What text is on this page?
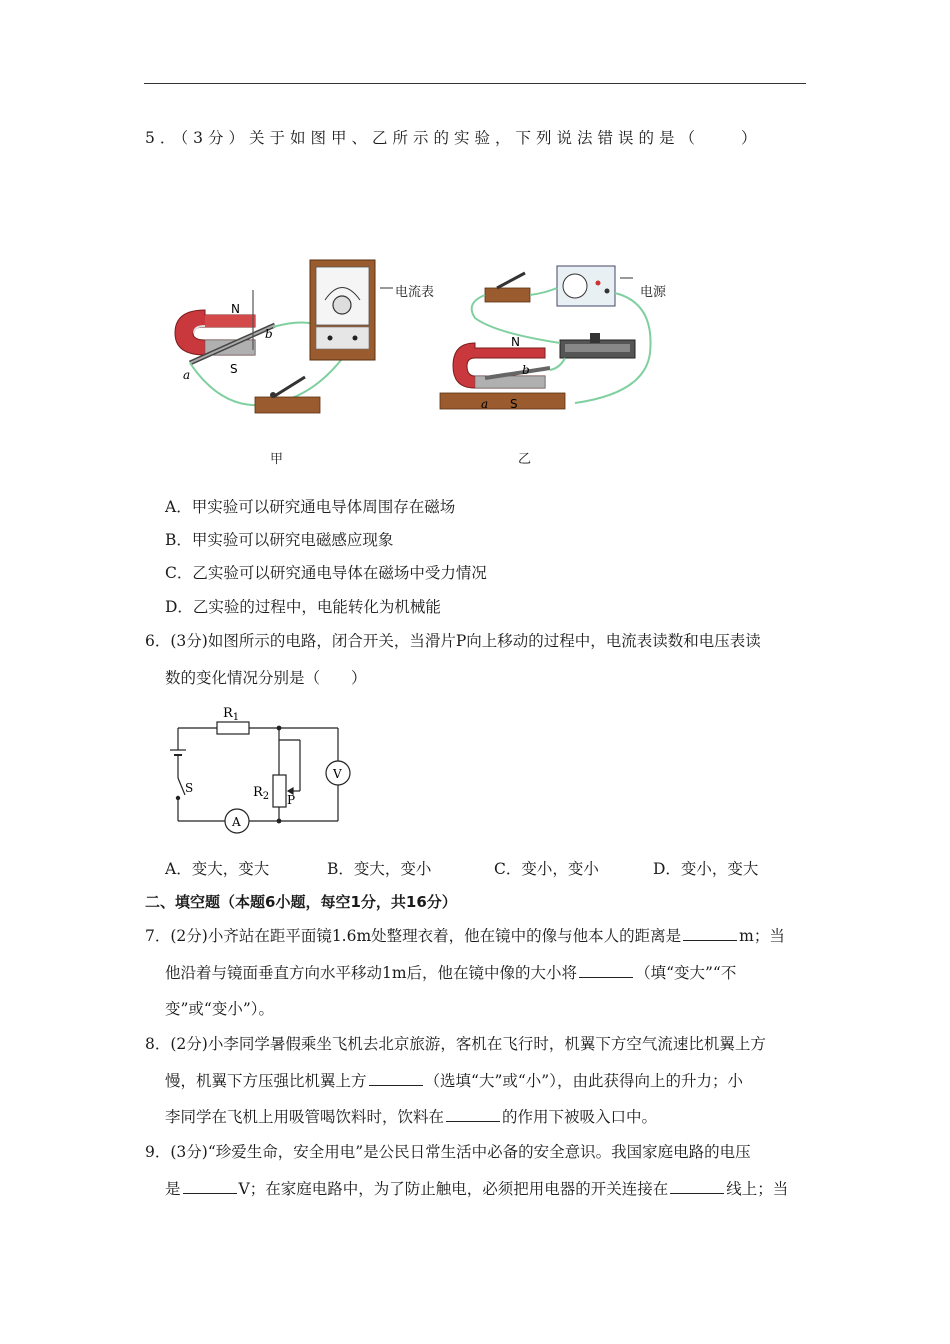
5．（3分）关于如图甲、乙所示的实验，下列说法错误的是（　　）
N
S
a
b
电流表
甲
N
S
a
b
电源
乙
A．甲实验可以研究通电导体周围存在磁场
B．甲实验可以研究电磁感应现象
C．乙实验可以研究通电导体在磁场中受力情况
D．乙实验的过程中，电能转化为机械能
6．(3分)如图所示的电路，闭合开关，当滑片P向上移动的过程中，电流表读数和电压表读
数的变化情况分别是（　　）
$R_1$
$R_2$
S
P
A
V
A．变大，变大	B．变大，变小	C．变小，变小	D．变小，变大
二、填空题（本题6小题，每空1分，共16分）
7．(2分)小齐站在距平面镜1.6m处整理衣着，他在镜中的像与他本人的距离是	m；当
他沿着与镜面垂直方向水平移动1m后，他在镜中像的大小将	（填“变大”“不
变”或“变小”）。
8．(2分)小李同学暑假乘坐飞机去北京旅游，客机在飞行时，机翼下方空气流速比机翼上方
慢，机翼下方压强比机翼上方	（选填“大”或“小”），由此获得向上的升力；小
李同学在飞机上用吸管喝饮料时，饮料在	的作用下被吸入口中。
9．(3分)“珍爱生命，安全用电”是公民日常生活中必备的安全意识。我国家庭电路的电压
是	V；在家庭电路中，为了防止触电，必须把用电器的开关连接在	线上；当
